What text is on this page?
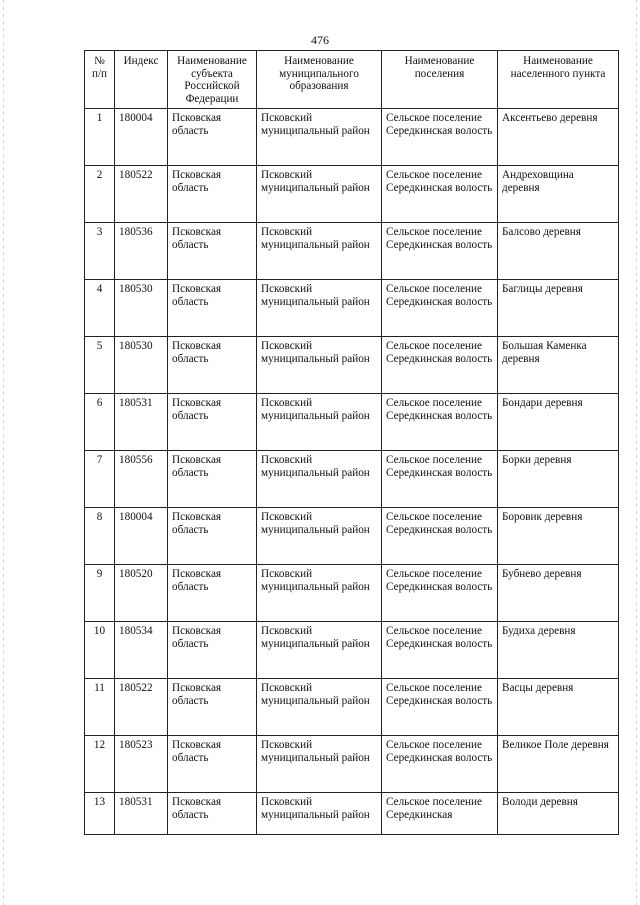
476
№ п/п	Индекс	Наименование субъекта Российской Федерации	Наименование муниципального образования	Наименование поселения	Наименование населенного пункта
1	180004	Псковская область	Псковский муниципальный район	Сельское поселение Середкинская волость	Аксентьево деревня
2	180522	Псковская область	Псковский муниципальный район	Сельское поселение Середкинская волость	Андреховщина деревня
3	180536	Псковская область	Псковский муниципальный район	Сельское поселение Середкинская волость	Балсово деревня
4	180530	Псковская область	Псковский муниципальный район	Сельское поселение Середкинская волость	Баглицы деревня
5	180530	Псковская область	Псковский муниципальный район	Сельское поселение Середкинская волость	Большая Каменка деревня
6	180531	Псковская область	Псковский муниципальный район	Сельское поселение Середкинская волость	Бондари деревня
7	180556	Псковская область	Псковский муниципальный район	Сельское поселение Середкинская волость	Борки деревня
8	180004	Псковская область	Псковский муниципальный район	Сельское поселение Середкинская волость	Боровик деревня
9	180520	Псковская область	Псковский муниципальный район	Сельское поселение Середкинская волость	Бубнево деревня
10	180534	Псковская область	Псковский муниципальный район	Сельское поселение Середкинская волость	Будиха деревня
11	180522	Псковская область	Псковский муниципальный район	Сельское поселение Середкинская волость	Васцы деревня
12	180523	Псковская область	Псковский муниципальный район	Сельское поселение Середкинская волость	Великое Поле деревня
13	180531	Псковская область	Псковский муниципальный район	Сельское поселение Середкинская	Володи деревня
